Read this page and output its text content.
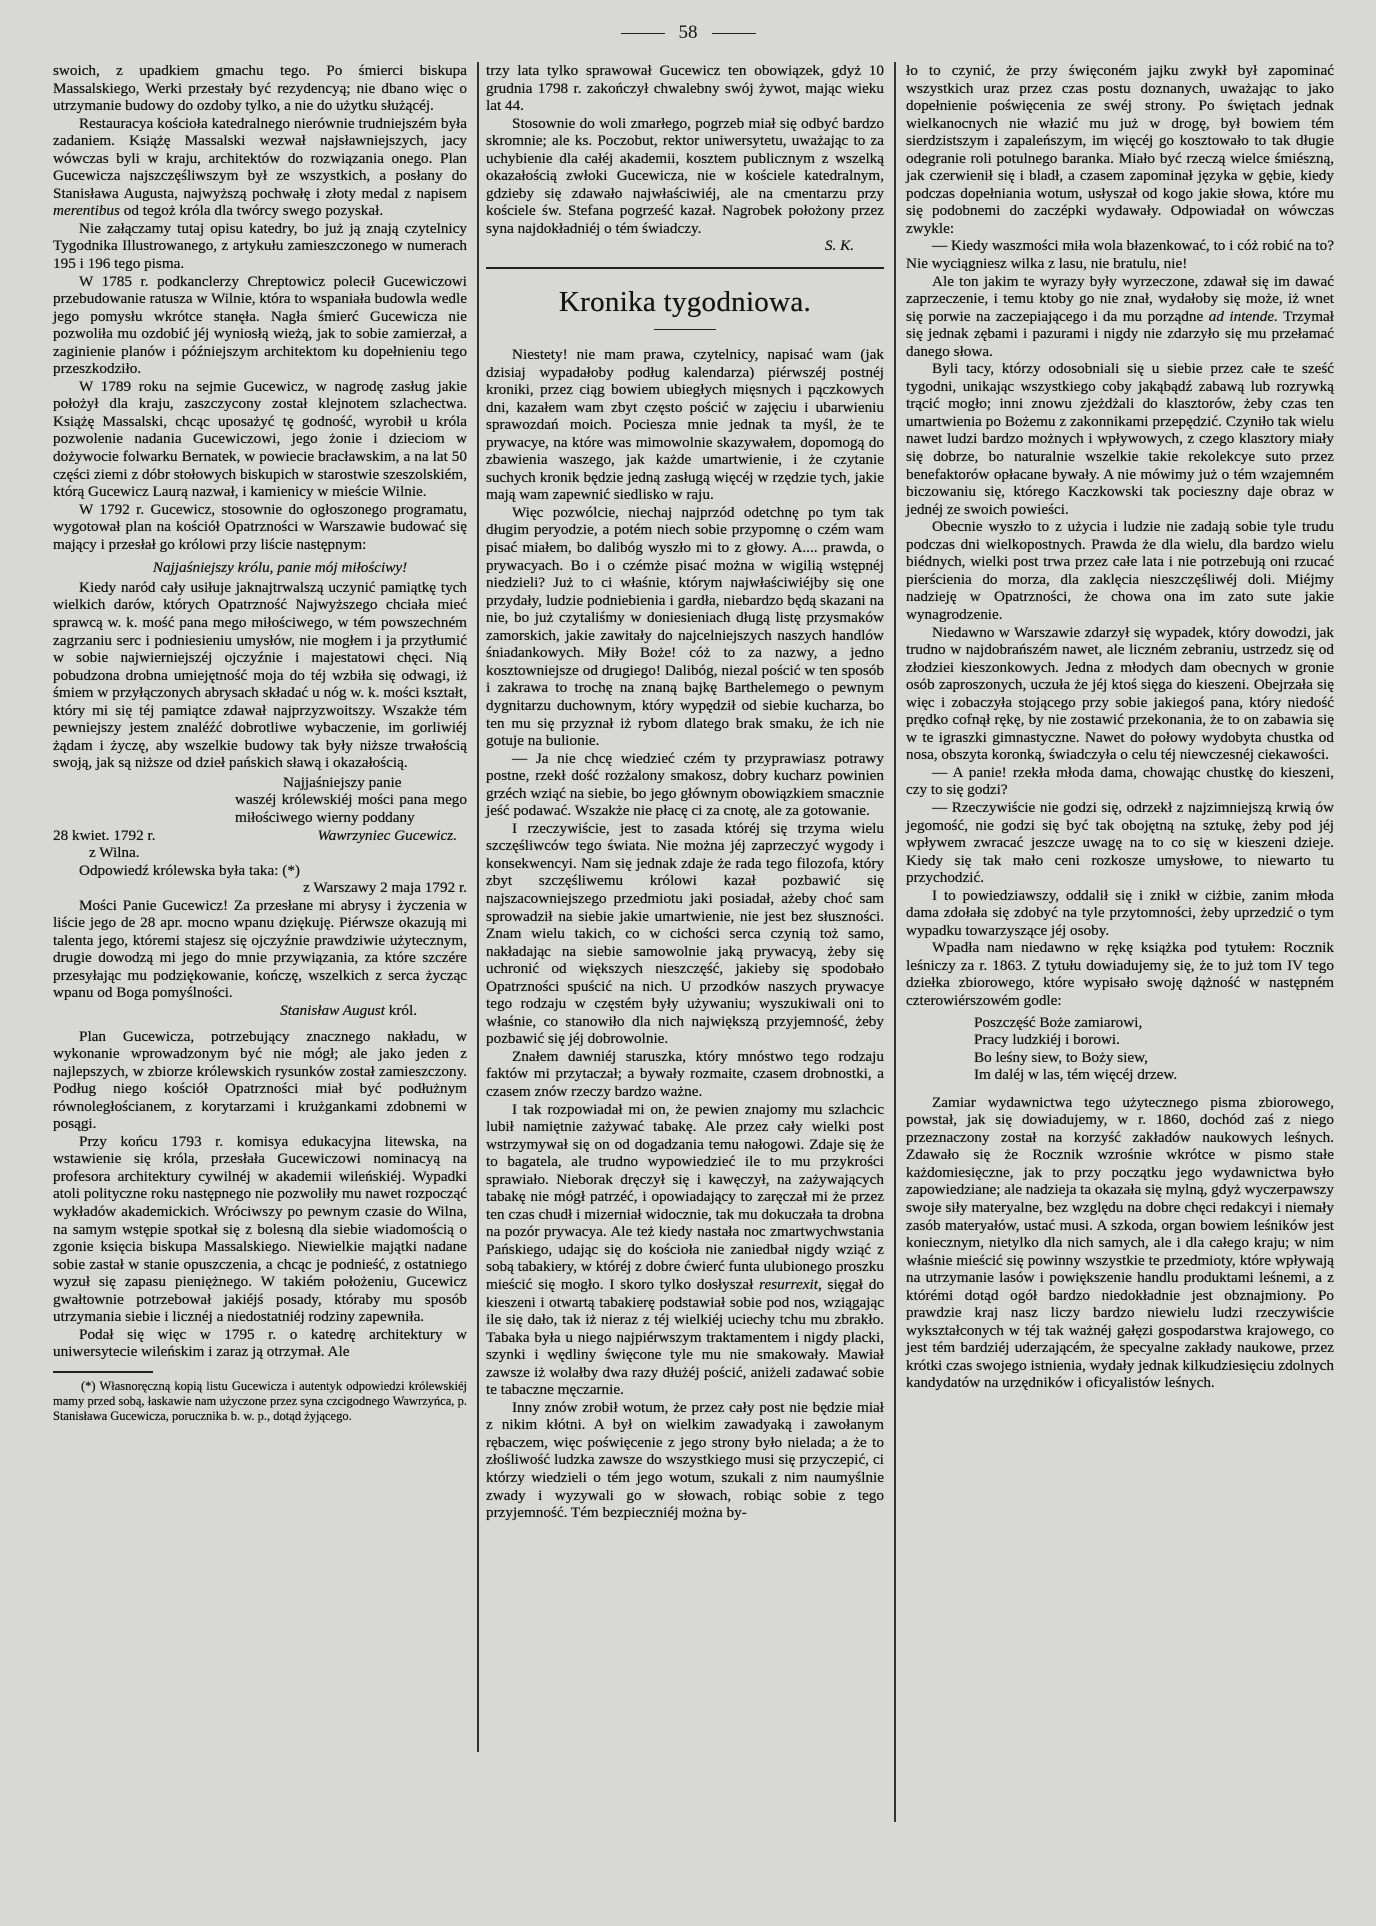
58

swoich, z upadkiem gmachu tego. Po śmierci biskupa Massalskiego, Werki przestały być rezydencyą; nie dbano więc o utrzymanie budowy do ozdoby tylko, a nie do użytku służącéj.

Restauracya kościoła katedralnego nierównie trudniejszém była zadaniem. Książę Massalski wezwał najsławniejszych, jacy wówczas byli w kraju, architektów do rozwiązania onego. Plan Gucewicza najszczęśliwszym był ze wszystkich, a posłany do Stanisława Augusta, najwyższą pochwałę i złoty medal z napisem merentibus od tegoż króla dla twórcy swego pozyskał.

Nie załączamy tutaj opisu katedry, bo już ją znają czytelnicy Tygodnika Illustrowanego, z artykułu zamieszczonego w numerach 195 i 196 tego pisma.

W 1785 r. podkanclerzy Chreptowicz polecił Gucewiczowi przebudowanie ratusza w Wilnie, która to wspaniała budowla wedle jego pomysłu wkrótce stanęła. Nagła śmierć Gucewicza nie pozwoliła mu ozdobić jéj wyniosłą wieżą, jak to sobie zamierzał, a zaginienie planów i późniejszym architektom ku dopełnieniu tego przeszkodziło.

W 1789 roku na sejmie Gucewicz, w nagrodę zasług jakie położył dla kraju, zaszczycony został klejnotem szlachectwa. Książę Massalski, chcąc uposażyć tę godność, wyrobił u króla pozwolenie nadania Gucewiczowi, jego żonie i dzieciom w dożywocie folwarku Bernatek, w powiecie bracławskim, a na lat 50 części ziemi z dóbr stołowych biskupich w starostwie szeszolskiém, którą Gucewicz Laurą nazwał, i kamienicy w mieście Wilnie.

W 1792 r. Gucewicz, stosownie do ogłoszonego programatu, wygotował plan na kościół Opatrzności w Warszawie budować się mający i przesłał go królowi przy liście następnym:

Najjaśniejszy królu, panie mój miłościwy!

Kiedy naród cały usiłuje jaknajtrwalszą uczynić pamiątkę tych wielkich darów, których Opatrzność Najwyższego chciała mieć sprawcą w. k. mość pana mego miłościwego, w tém powszechném zagrzaniu serc i podniesieniu umysłów, nie mogłem i ja przytłumić w sobie najwierniejszéj ojczyźnie i majestatowi chęci. Nią pobudzona drobna umiejętność moja do téj wzbiła się odwagi, iż śmiem w przyłączonych abrysach składać u nóg w. k. mości kształt, który mi się téj pamiątce zdawał najprzyzwoitszy. Wszakże tém pewniejszy jestem znaléźć dobrotliwe wybaczenie, im gorliwiéj żądam i życzę, aby wszelkie budowy tak były niższe trwałością swoją, jak są niższe od dzieł pańskich sławą i okazałością.

Najjaśniejszy panie
waszéj królewskiéj mości pana mego miłościwego wierny poddany
28 kwiet. 1792 r.
z Wilna.
Wawrzyniec Gucewicz.

Odpowiedź królewska była taka: (*)

z Warszawy 2 maja 1792 r.

Mości Panie Gucewicz! Za przesłane mi abrysy i życzenia w liście jego de 28 apr. mocno wpanu dziękuję. Piérwsze okazują mi talenta jego, któremi stajesz się ojczyźnie prawdziwie użytecznym, drugie dowodzą mi jego do mnie przywiązania, za które szczére przesyłając mu podziękowanie, kończę, wszelkich z serca życząc wpanu od Boga pomyślności.

Stanisław August król.

Plan Gucewicza, potrzebujący znacznego nakładu, w wykonanie wprowadzonym być nie mógł; ale jako jeden z najlepszych, w zbiorze królewskich rysunków został zamieszczony. Podług niego kościół Opatrzności miał być podłużnym równoległościanem, z korytarzami i krużgankami zdobnemi w posągi.

Przy końcu 1793 r. komisya edukacyjna litewska, na wstawienie się króla, przesłała Gucewiczowi nominacyą na profesora architektury cywilnéj w akademii wileńskiéj. Wypadki atoli polityczne roku następnego nie pozwoliły mu nawet rozpocząć wykładów akademickich. Wróciwszy po pewnym czasie do Wilna, na samym wstępie spotkał się z bolesną dla siebie wiadomością o zgonie księcia biskupa Massalskiego. Niewielkie majątki nadane sobie zastał w stanie opuszczenia, a chcąc je podnieść, z ostatniego wyzuł się zapasu pieniężnego. W takiém położeniu, Gucewicz gwałtownie potrzebował jakiéjś posady, któraby mu sposób utrzymania siebie i licznéj a niedostatniéj rodziny zapewniła.

Podał się więc w 1795 r. o katedrę architektury w uniwersytecie wileńskim i zaraz ją otrzymał. Ale

(*) Własnoręczną kopią listu Gucewicza i autentyk odpowiedzi królewskiéj mamy przed sobą, łaskawie nam użyczone przez syna czcigodnego Wawrzyńca, p. Stanisława Gucewicza, porucznika b. w. p., dotąd żyjącego.

trzy lata tylko sprawował Gucewicz ten obowiązek, gdyż 10 grudnia 1798 r. zakończył chwalebny swój żywot, mając wieku lat 44.

Stosownie do woli zmarłego, pogrzeb miał się odbyć bardzo skromnie; ale ks. Poczobut, rektor uniwersytetu, uważając to za uchybienie dla całéj akademii, kosztem publicznym z wszelką okazałością zwłoki Gucewicza, nie w kościele katedralnym, gdzieby się zdawało najwłaściwiéj, ale na cmentarzu przy kościele św. Stefana pogrześć kazał. Nagrobek położony przez syna najdokładniéj o tém świadczy.

S. K.

Kronika tygodniowa.

Niestety! nie mam prawa, czytelnicy, napisać wam (jak dzisiaj wypadałoby podług kalendarza) piérwszéj postnéj kroniki, przez ciąg bowiem ubiegłych mięsnych i pączkowych dni, kazałem wam zbyt często pościć w zajęciu i ubarwieniu sprawozdań moich. Pociesza mnie jednak ta myśl, że te prywacye, na które was mimowolnie skazywałem, dopomogą do zbawienia waszego, jak każde umartwienie, i że czytanie suchych kronik będzie jedną zasługą więcéj w rzędzie tych, jakie mają wam zapewnić siedlisko w raju.

Więc pozwólcie, niechaj najprzód odetchnę po tym tak długim peryodzie, a potém niech sobie przypomnę o czém wam pisać miałem, bo dalibóg wyszło mi to z głowy. A.... prawda, o prywacyach. Bo i o czémże pisać można w wigilią wstępnéj niedzieli? Już to ci właśnie, którym najwłaściwiéjby się one przydały, ludzie podniebienia i gardła, niebardzo będą skazani na nie, bo już czytaliśmy w doniesieniach długą listę przysmaków zamorskich, jakie zawitały do najcelniejszych naszych handlów śniadankowych. Miły Boże! cóż to za nazwy, a jedno kosztowniejsze od drugiego! Dalibóg, niezal pościć w ten sposób i zakrawa to trochę na znaną bajkę Barthelemego o pewnym dygnitarzu duchownym, który wypędził od siebie kucharza, bo ten mu się przyznał iż rybom dlatego brak smaku, że ich nie gotuje na bulionie.

— Ja nie chcę wiedzieć czém ty przyprawiasz potrawy postne, rzekł dość rozżalony smakosz, dobry kucharz powinien grzéch wziąć na siebie, bo jego głównym obowiązkiem smacznie jeść podawać. Wszakże nie płacę ci za cnotę, ale za gotowanie.

I rzeczywiście, jest to zasada któréj się trzyma wielu szczęśliwców tego świata. Nie można jéj zaprzeczyć wygody i konsekwencyi. Nam się jednak zdaje że rada tego filozofa, który zbyt szczęśliwemu królowi kazał pozbawić się najszacowniejszego przedmiotu jaki posiadał, ażeby choć sam sprowadził na siebie jakie umartwienie, nie jest bez słuszności. Znam wielu takich, co w cichości serca czynią toż samo, nakładając na siebie samowolnie jaką prywacyą, żeby się uchronić od większych nieszczęść, jakieby się spodobało Opatrzności spuścić na nich. U przodków naszych prywacye tego rodzaju w częstém były używaniu; wyszukiwali oni to właśnie, co stanowiło dla nich największą przyjemność, żeby pozbawić się jéj dobrowolnie.

Znałem dawniéj staruszka, który mnóstwo tego rodzaju faktów mi przytaczał; a bywały rozmaite, czasem drobnostki, a czasem znów rzeczy bardzo ważne.

I tak rozpowiadał mi on, że pewien znajomy mu szlachcic lubił namiętnie zażywać tabakę. Ale przez cały wielki post wstrzymywał się on od dogadzania temu nałogowi. Zdaje się że to bagatela, ale trudno wypowiedzieć ile to mu przykrości sprawiało. Nieborak dręczył się i kawęczył, na zażywających tabakę nie mógł patrzéć, i opowiadający to zaręczał mi że przez ten czas chudł i mizerniał widocznie, tak mu dokuczała ta drobna na pozór prywacya. Ale też kiedy nastała noc zmartwychwstania Pańskiego, udając się do kościoła nie zaniedbał nigdy wziąć z sobą tabakiery, w któréj z dobre ćwierć funta ulubionego proszku mieścić się mogło. I skoro tylko dosłyszał resurrexit, sięgał do kieszeni i otwartą tabakierę podstawiał sobie pod nos, wziągając ile się dało, tak iż nieraz z téj wielkiéj uciechy tchu mu zbrakło. Tabaka była u niego najpiérwszym traktamentem i nigdy placki, szynki i wędliny święcone tyle mu nie smakowały. Mawiał zawsze iż wolałby dwa razy dłużéj pościć, aniżeli zadawać sobie te tabaczne męczarnie.

Inny znów zrobił wotum, że przez cały post nie będzie miał z nikim kłótni. A był on wielkim zawadyaką i zawołanym rębaczem, więc poświęcenie z jego strony było nielada; a że to złośliwość ludzka zawsze do wszystkiego musi się przyczepić, ci którzy wiedzieli o tém jego wotum, szukali z nim naumyślnie zwady i wyzywali go w słowach, robiąc sobie z tego przyjemność. Tém bezpieczniéj można by-

ło to czynić, że przy święconém jajku zwykł był zapominać wszystkich uraz przez czas postu doznanych, uważając to jako dopełnienie poświęcenia ze swéj strony. Po świętach jednak wielkanocnych nie włazić mu już w drogę, był bowiem tém sierdzistszym i zapaleńszym, im więcéj go kosztowało to tak długie odegranie roli potulnego baranka. Miało być rzeczą wielce śmiészną, jak czerwienił się i bladł, a czasem zapominał języka w gębie, kiedy podczas dopełniania wotum, usłyszał od kogo jakie słowa, które mu się podobnemi do zaczépki wydawały. Odpowiadał on wówczas zwykle:

— Kiedy waszmości miła wola błazenkować, to i cóż robić na to? Nie wyciągniesz wilka z lasu, nie bratulu, nie!

Ale ton jakim te wyrazy były wyrzeczone, zdawał się im dawać zaprzeczenie, i temu ktoby go nie znał, wydałoby się może, iż wnet się porwie na zaczepiającego i da mu porządne ad intende. Trzymał się jednak zębami i pazurami i nigdy nie zdarzyło się mu przełamać danego słowa.

Byli tacy, którzy odosobniali się u siebie przez całe te sześć tygodni, unikając wszystkiego coby jakąbądź zabawą lub rozrywką trącić mogło; inni znowu zjeżdżali do klasztorów, żeby czas ten umartwienia po Bożemu z zakonnikami przepędzić. Czyniło tak wielu nawet ludzi bardzo możnych i wpływowych, z czego klasztory miały się dobrze, bo naturalnie wszelkie takie rekolekcye suto przez benefaktorów opłacane bywały. A nie mówimy już o tém wzajemném biczowaniu się, którego Kaczkowski tak pocieszny daje obraz w jednéj ze swoich powieści.

Obecnie wyszło to z użycia i ludzie nie zadają sobie tyle trudu podczas dni wielkopostnych. Prawda że dla wielu, dla bardzo wielu biédnych, wielki post trwa przez całe lata i nie potrzebują oni rzucać pierścienia do morza, dla zaklęcia nieszczęśliwéj doli. Miéjmy nadzieję w Opatrzności, że chowa ona im zato sute jakie wynagrodzenie.

Niedawno w Warszawie zdarzył się wypadek, który dowodzi, jak trudno w najdobrańszém nawet, ale liczném zebraniu, ustrzedz się od złodziei kieszonkowych. Jedna z młodych dam obecnych w gronie osób zaproszonych, uczuła że jéj ktoś sięga do kieszeni. Obejrzała się więc i zobaczyła stojącego przy sobie jakiegoś pana, który niedość prędko cofnął rękę, by nie zostawić przekonania, że to on zabawia się w te igraszki gimnastyczne. Nawet do połowy wydobyta chustka od nosa, obszyta koronką, świadczyła o celu téj niewczesnéj ciekawości.

— A panie! rzekła młoda dama, chowając chustkę do kieszeni, czy to się godzi?

— Rzeczywiście nie godzi się, odrzekł z najzimniejszą krwią ów jegomość, nie godzi się być tak obojętną na sztukę, żeby pod jéj wpływem zwracać jeszcze uwagę na to co się w kieszeni dzieje. Kiedy się tak mało ceni rozkosze umysłowe, to niewarto tu przychodzić.

I to powiedziawszy, oddalił się i znikł w ciżbie, zanim młoda dama zdołała się zdobyć na tyle przytomności, żeby uprzedzić o tym wypadku towarzyszące jéj osoby.

Wpadła nam niedawno w rękę książka pod tytułem: Rocznik leśniczy za r. 1863. Z tytułu dowiadujemy się, że to już tom IV tego dziełka zbiorowego, które wypisało swoję dążność w następném czterowiérszowém godle:

Poszczęść Boże zamiarowi,
Pracy ludzkiéj i borowi.
Bo leśny siew, to Boży siew,
Im daléj w las, tém więcéj drzew.

Zamiar wydawnictwa tego użytecznego pisma zbiorowego, powstał, jak się dowiadujemy, w r. 1860, dochód zaś z niego przeznaczony został na korzyść zakładów naukowych leśnych. Zdawało się że Rocznik wzrośnie wkrótce w pismo stałe każdomiesięczne, jak to przy początku jego wydawnictwa było zapowiedziane; ale nadzieja ta okazała się mylną, gdyż wyczerpawszy swoje siły materyalne, bez względu na dobre chęci redakcyi i niemały zasób materyałów, ustać musi. A szkoda, organ bowiem leśników jest koniecznym, nietylko dla nich samych, ale i dla całego kraju; w nim właśnie mieścić się powinny wszystkie te przedmioty, które wpływają na utrzymanie lasów i powiększenie handlu produktami leśnemi, a z którémi dotąd ogół bardzo niedokładnie jest obznajmiony. Po prawdzie kraj nasz liczy bardzo niewielu ludzi rzeczywiście wykształconych w téj tak ważnéj gałęzi gospodarstwa krajowego, co jest tém bardziéj uderzającém, że specyalne zakłady naukowe, przez krótki czas swojego istnienia, wydały jednak kilkudziesięciu zdolnych kandydatów na urzędników i oficyalistów leśnych.
